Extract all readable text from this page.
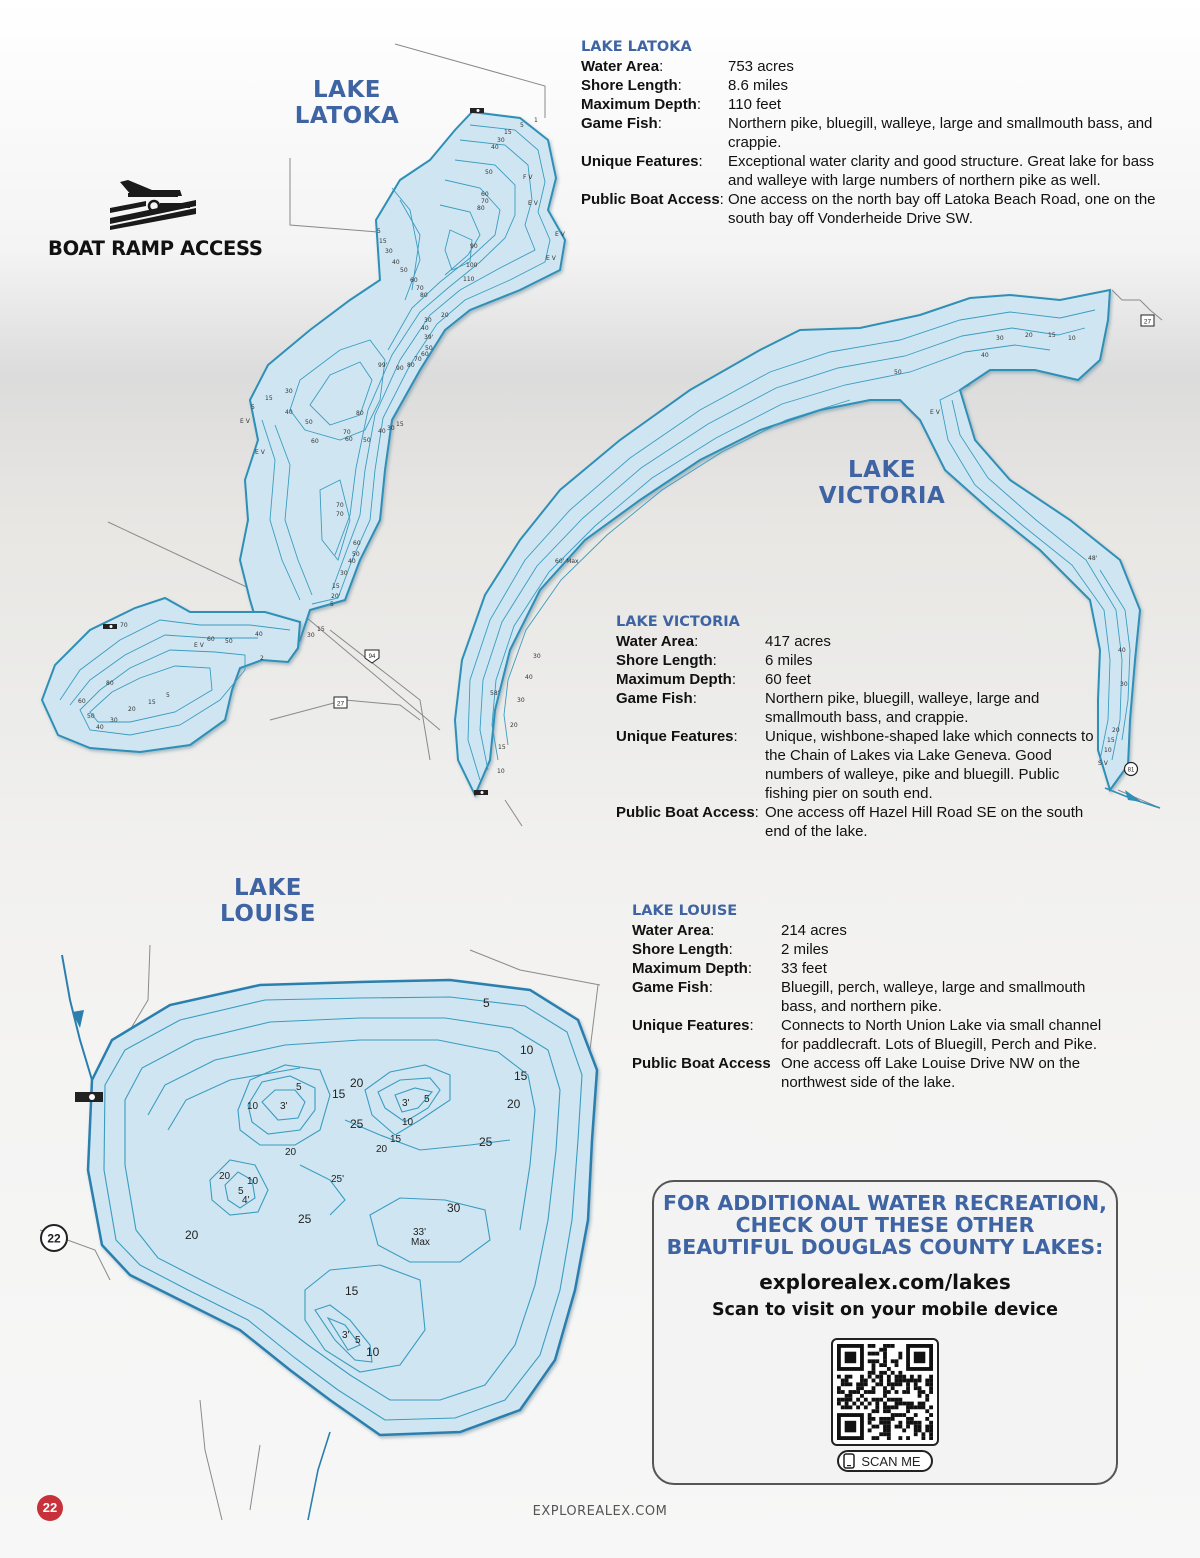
5
15
1
30
40
50
F V
E V
60
70
80
90
100
110
E V
E V
5
15
30
40
50
60
70
80
20
30
40
39'
50
60
70
80
90
99'
5
15
30
40
50
60
70
60 50
40 30
15
E V
E V
80
70
70
60
50
40
30
15
20'
5
15
30
40
50
60
E V
2
70
80
60
50
40
30
20
15
5
20	15 10
30
40
50
E V
60' Max	48'
40
30
20
15
10
S V
30
40
58'
30
20
15
10
5
10
15
20
5	15
20
10 3'	3' 5
25	10
15
20
25
20
25'
20 10
5
4'
25
30
33'
Max
20
15
3' 5
10
94
27
27
81
22
LAKE
LATOKA
LAKE
VICTORIA
LAKE
LOUISE
BOAT RAMP ACCESS
LAKE LATOKA
Water Area:	753 acres
Shore Length:	8.6 miles
Maximum Depth:	110 feet
Game Fish:	Northern pike, bluegill, walleye, large and smallmouth bass, and crappie.
Unique Features:	Exceptional water clarity and good structure. Great lake for bass and walleye with large numbers of northern pike as well.
Public Boat Access: One access on the north bay off Latoka Beach Road, one on the south bay off Vonderheide Drive SW.
LAKE VICTORIA
Water Area:	417 acres
Shore Length:	6 miles
Maximum Depth:	60 feet
Game Fish:	Northern pike, bluegill, walleye, large and smallmouth bass, and crappie.
Unique Features:	Unique, wishbone-shaped lake which connects to the Chain of Lakes via Lake Geneva. Good numbers of walleye, pike and bluegill. Public fishing pier on south end.
Public Boat Access: One access off Hazel Hill Road SE on the south end of the lake.
LAKE LOUISE
Water Area:	214 acres
Shore Length:	2 miles
Maximum Depth:	33 feet
Game Fish:	Bluegill, perch, walleye, large and smallmouth bass, and northern pike.
Unique Features:	Connects to North Union Lake via small channel for paddlecraft. Lots of Bluegill, Perch and Pike.
Public Boat Access One access off Lake Louise Drive NW on the northwest side of the lake.
FOR ADDITIONAL WATER RECREATION,
CHECK OUT THESE OTHER
BEAUTIFUL DOUGLAS COUNTY LAKES:
explorealex.com/lakes
Scan to visit on your mobile device
SCAN ME
22	EXPLOREALEX.COM
